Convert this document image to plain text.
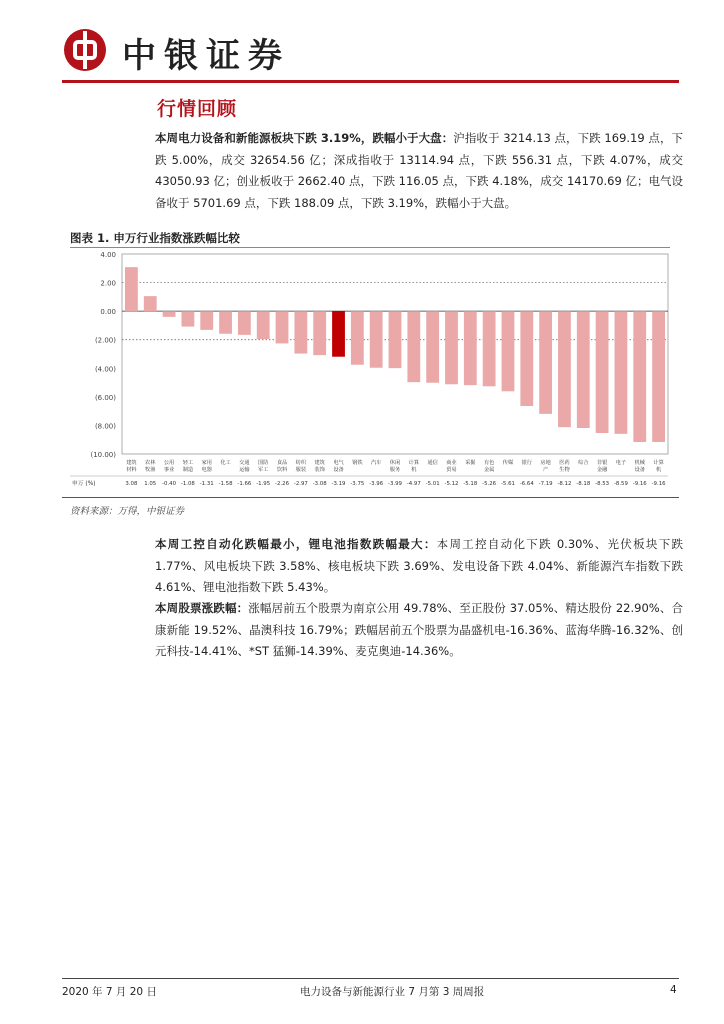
中银证券
行情回顾
本周电力设备和新能源板块下跌 3.19%，跌幅小于大盘：沪指收于 3214.13 点，下跌 169.19 点，下跌 5.00%，成交 32654.56 亿；深成指收于 13114.94 点，下跌 556.31 点，下跌 4.07%，成交 43050.93 亿；创业板收于 2662.40 点，下跌 116.05 点，下跌 4.18%，成交 14170.69 亿；电气设备收于 5701.69 点，下跌 188.09 点，下跌 3.19%，跌幅小于大盘。
图表 1. 申万行业指数涨跌幅比较
4.00
2.00
0.00
(2.00)
(4.00)
(6.00)
(8.00)
(10.00)
建筑
材料
农林
牧渔
公用
事业
轻工
制造
家用
电器
化工 交通
运输
国防
军工
食品
饮料
纺织
服装
建筑
装饰
电气
设备
钢铁 汽车 休闲
服务
计算
机
通信 商业
贸易
采掘 有色
金属
传媒 银行 房地
产
医药
生物
综合 非银
金融
电子 机械
设备
计算
机
申万 (%)	3.08 1.05 -0.40 -1.08 -1.31 -1.58 -1.66 -1.95 -2.26 -2.97 -3.08 -3.19 -3.75 -3.96 -3.99 -4.97 -5.01 -5.12 -5.18 -5.26 -5.61 -6.64 -7.19 -8.12 -8.18 -8.53 -8.59 -9.16 -9.16
资料来源：万得，中银证券
本周工控自动化跌幅最小，锂电池指数跌幅最大：本周工控自动化下跌 0.30%、光伏板块下跌 1.77%、风电板块下跌 3.58%、核电板块下跌 3.69%、发电设备下跌 4.04%、新能源汽车指数下跌 4.61%、锂电池指数下跌 5.43%。
本周股票涨跌幅：涨幅居前五个股票为南京公用 49.78%、至正股份 37.05%、精达股份 22.90%、合康新能 19.52%、晶澳科技 16.79%；跌幅居前五个股票为晶盛机电-16.36%、蓝海华腾-16.32%、创元科技-14.41%、*ST 猛狮-14.39%、麦克奥迪-14.36%。
2020 年 7 月 20 日	电力设备与新能源行业 7 月第 3 周周报	4
